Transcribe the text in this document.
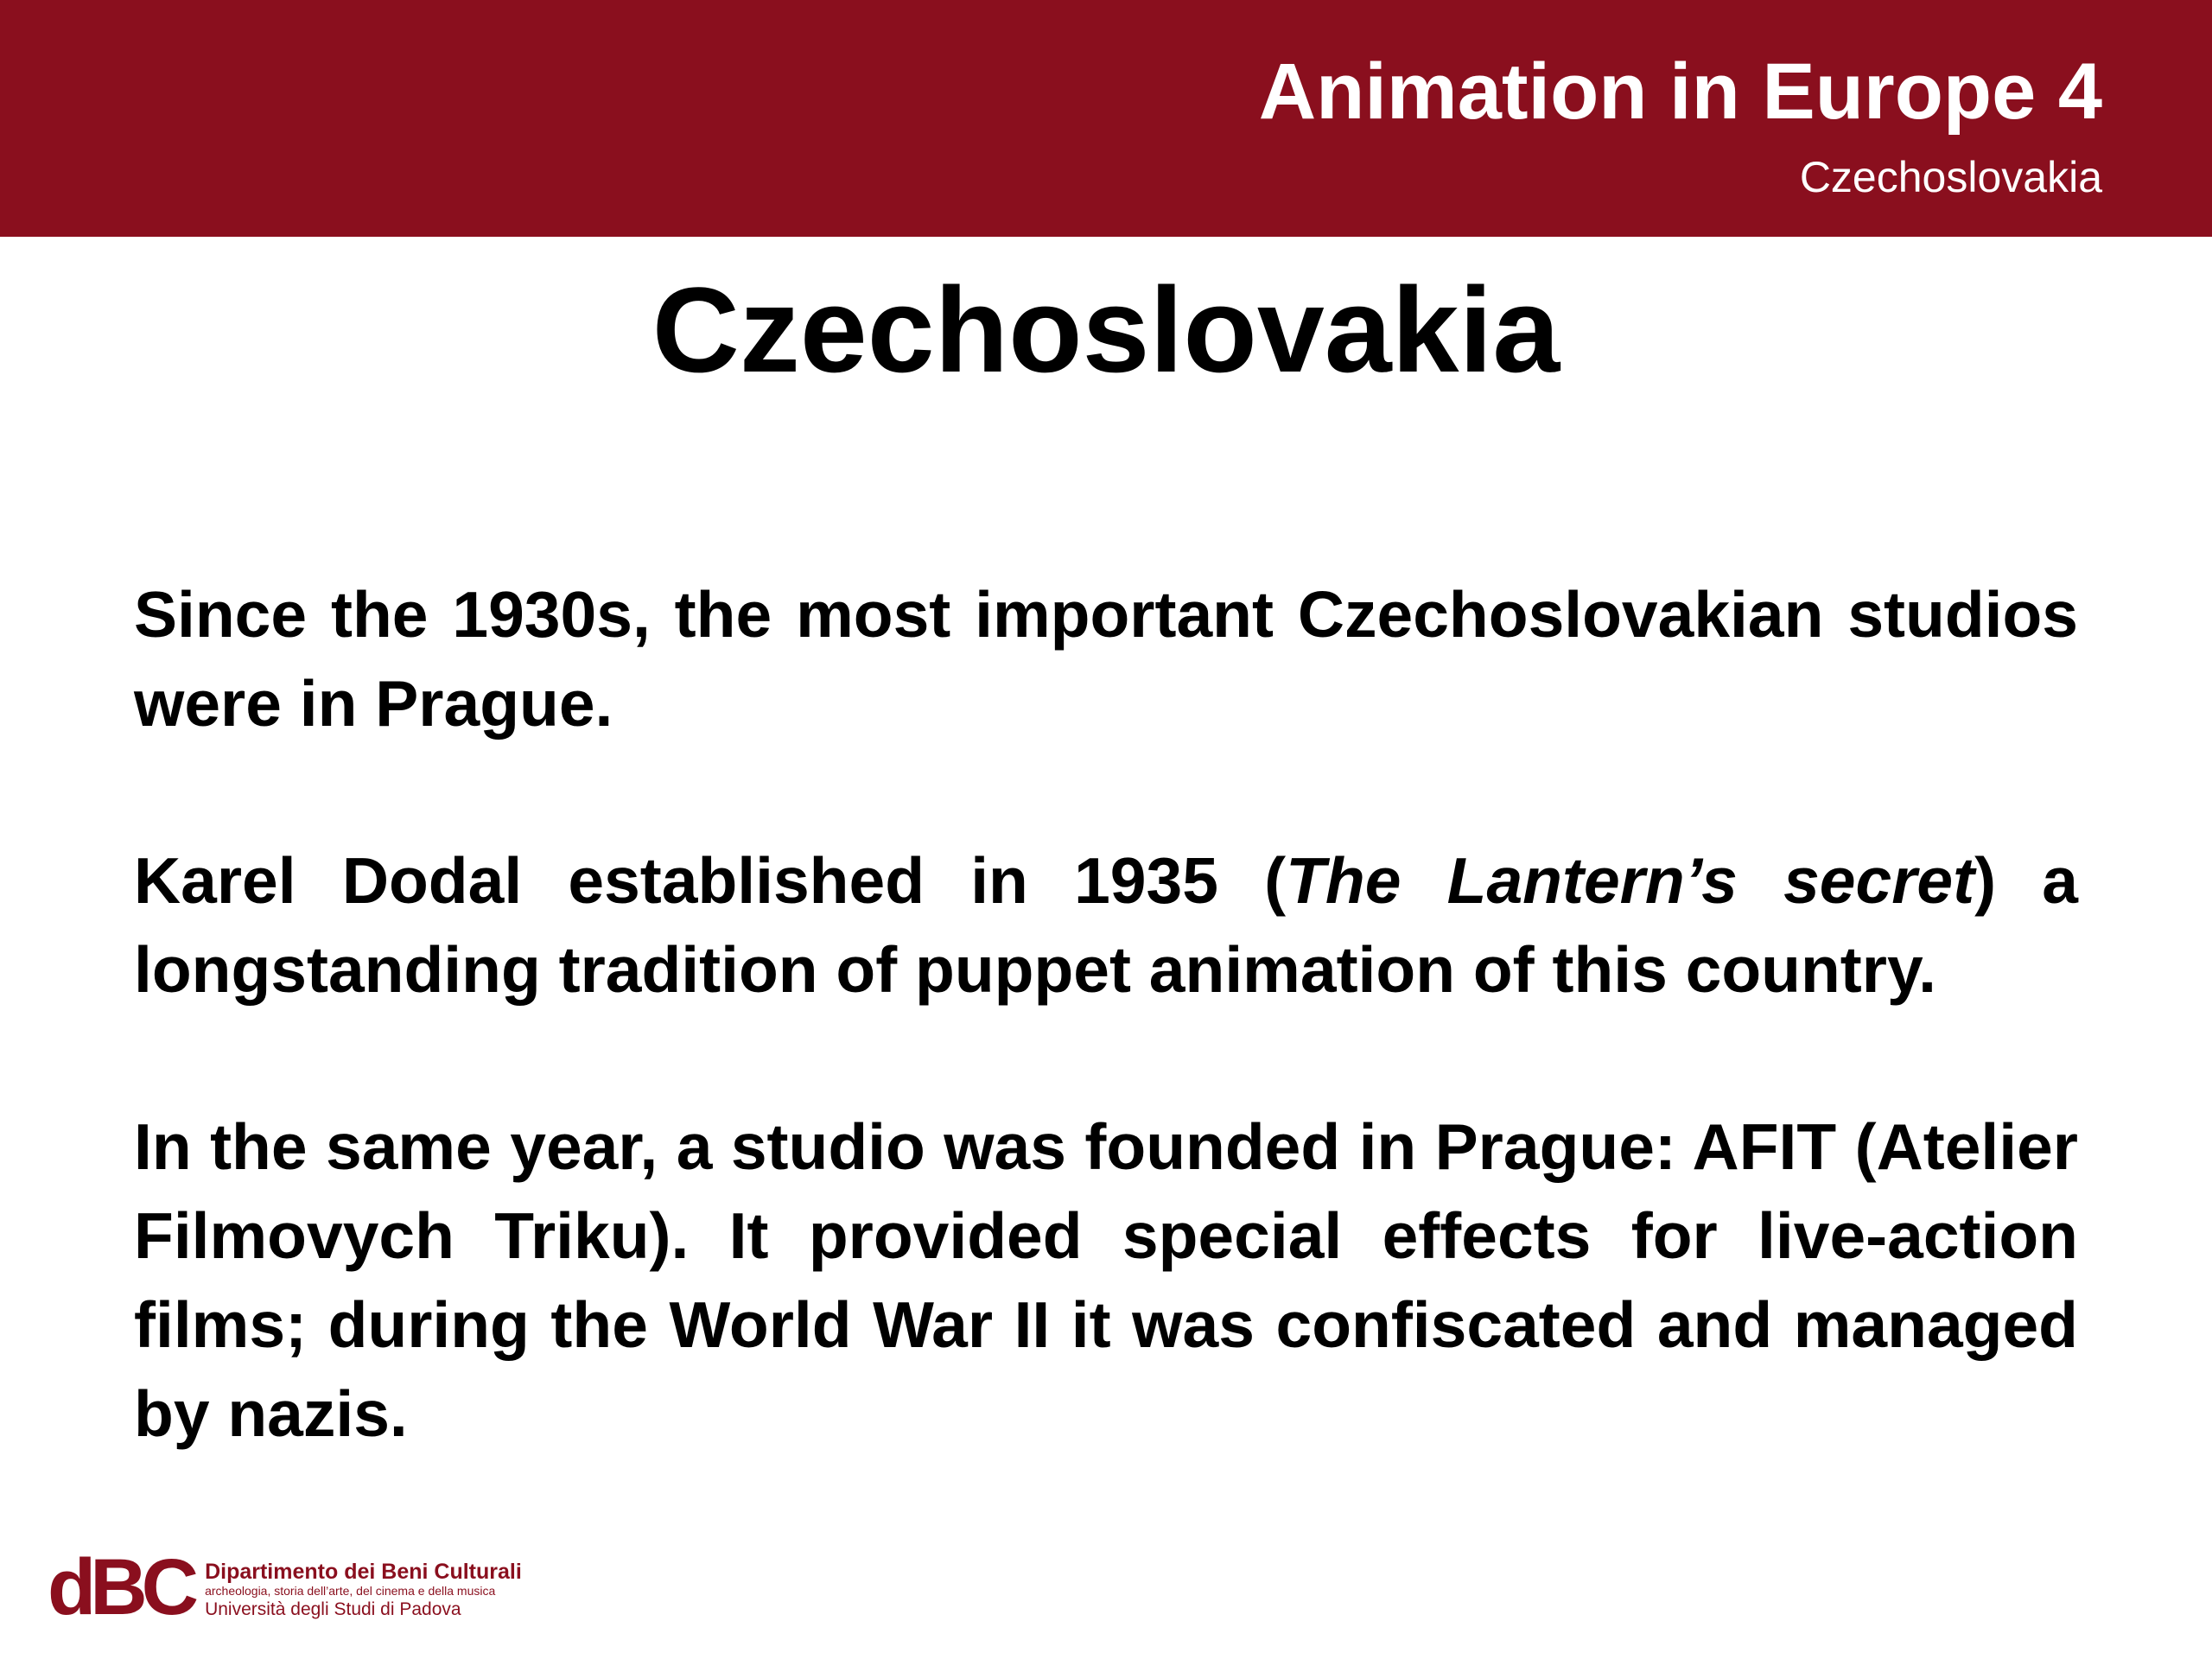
Animation in Europe 4
Czechoslovakia
Czechoslovakia

Since the 1930s, the most important Czechoslovakian studios were in Prague.

Karel Dodal established in 1935 (The Lantern’s secret) a longstanding tradition of puppet animation of this country.

In the same year, a studio was founded in Prague: AFIT (Atelier Filmovych Triku). It provided special effects for live-action films; during the World War II it was confiscated and managed by nazis.

dBC Dipartimento dei Beni Culturali
archeologia, storia dell’arte, del cinema e della musica
Università degli Studi di Padova
